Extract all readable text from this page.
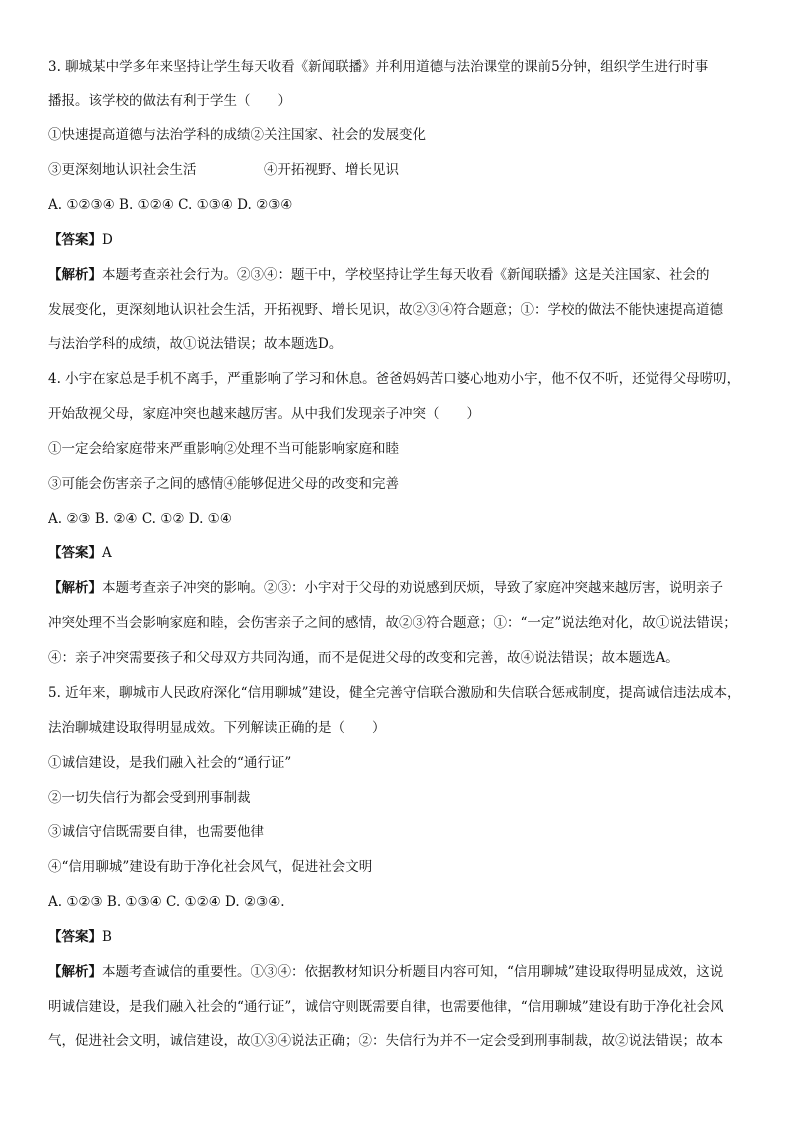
3. 聊城某中学多年来坚持让学生每天收看《新闻联播》并利用道德与法治课堂的课前5分钟，组织学生进行时事
播报。该学校的做法有利于学生（　　）
①快速提高道德与法治学科的成绩②关注国家、社会的发展变化
③更深刻地认识社会生活　　　　　④开拓视野、增长见识
A. ①②③④ B. ①②④ C. ①③④ D. ②③④
【答案】D
【解析】本题考查亲社会行为。②③④：题干中，学校坚持让学生每天收看《新闻联播》这是关注国家、社会的
发展变化，更深刻地认识社会生活，开拓视野、增长见识，故②③④符合题意；①：学校的做法不能快速提高道德
与法治学科的成绩，故①说法错误；故本题选D。
4. 小宇在家总是手机不离手，严重影响了学习和休息。爸爸妈妈苦口婆心地劝小宇，他不仅不听，还觉得父母唠叨，
开始敌视父母，家庭冲突也越来越厉害。从中我们发现亲子冲突（　　）
①一定会给家庭带来严重影响②处理不当可能影响家庭和睦
③可能会伤害亲子之间的感情④能够促进父母的改变和完善
A. ②③ B. ②④ C. ①② D. ①④
【答案】A
【解析】本题考查亲子冲突的影响。②③：小宇对于父母的劝说感到厌烦，导致了家庭冲突越来越厉害，说明亲子
冲突处理不当会影响家庭和睦，会伤害亲子之间的感情，故②③符合题意；①：“一定”说法绝对化，故①说法错误；
④：亲子冲突需要孩子和父母双方共同沟通，而不是促进父母的改变和完善，故④说法错误；故本题选A。
5. 近年来，聊城市人民政府深化“信用聊城”建设，健全完善守信联合激励和失信联合惩戒制度，提高诚信违法成本，
法治聊城建设取得明显成效。下列解读正确的是（　　）
①诚信建设，是我们融入社会的“通行证”
②一切失信行为都会受到刑事制裁
③诚信守信既需要自律，也需要他律
④“信用聊城”建设有助于净化社会风气，促进社会文明
A. ①②③ B. ①③④ C. ①②④ D. ②③④.
【答案】B
【解析】本题考查诚信的重要性。①③④：依据教材知识分析题目内容可知，“信用聊城”建设取得明显成效，这说
明诚信建设，是我们融入社会的“通行证”，诚信守则既需要自律，也需要他律，“信用聊城”建设有助于净化社会风
气，促进社会文明，诚信建设，故①③④说法正确；②：失信行为并不一定会受到刑事制裁，故②说法错误；故本
